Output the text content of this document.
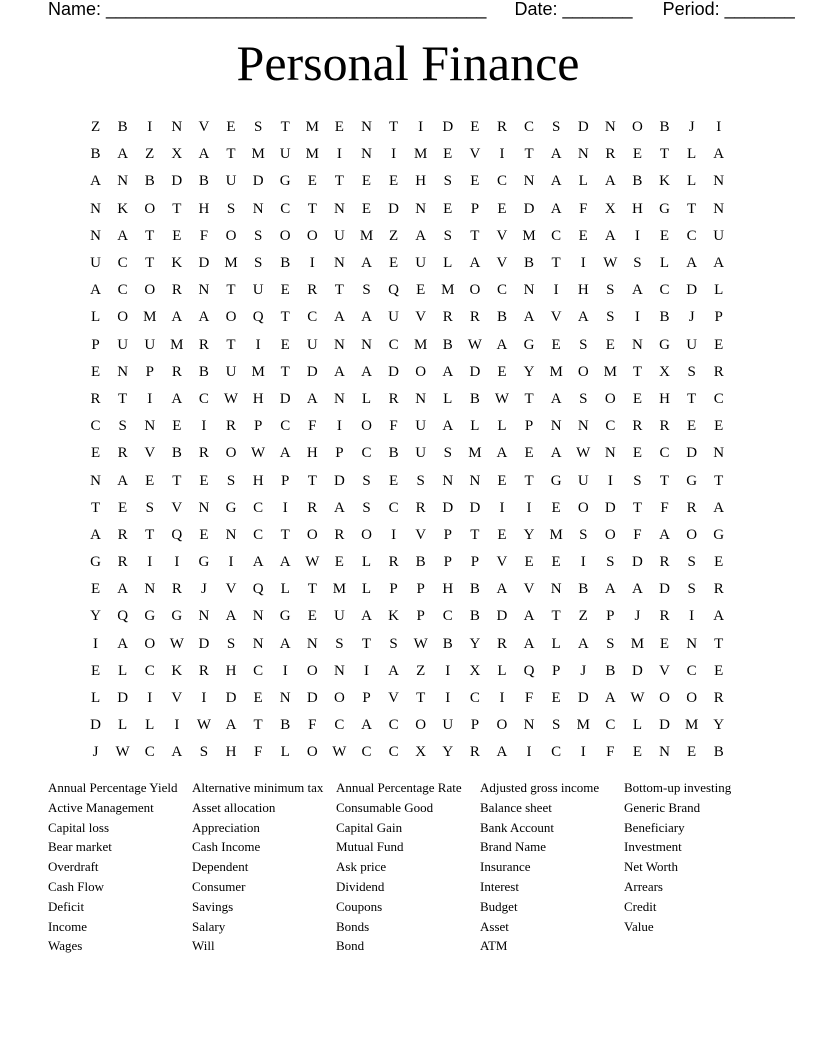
Name: ______________________________________ Date: _______ Period: _______
Personal Finance
Z	B	I	N	V	E	S	T	M	E	N	T	I	D	E	R	C	S	D	N	O	B	J	I
B	A	Z	X	A	T	M	U	M	I	N	I	M	E	V	I	T	A	N	R	E	T	L	A
A	N	B	D	B	U	D	G	E	T	E	E	H	S	E	C	N	A	L	A	B	K	L	N
N	K	O	T	H	S	N	C	T	N	E	D	N	E	P	E	D	A	F	X	H	G	T	N
N	A	T	E	F	O	S	O	O	U	M	Z	A	S	T	V	M	C	E	A	I	E	C	U
U	C	T	K	D	M	S	B	I	N	A	E	U	L	A	V	B	T	I	W	S	L	A	A
A	C	O	R	N	T	U	E	R	T	S	Q	E	M	O	C	N	I	H	S	A	C	D	L
L	O	M	A	A	O	Q	T	C	A	A	U	V	R	R	B	A	V	A	S	I	B	J	P
P	U	U	M	R	T	I	E	U	N	N	C	M	B	W A	G	E	S	E	N	G	U	E
E	N	P	R	B	U	M	T	D	A	A	D	O	A	D	E	Y	M	O	M	T	X	S	R
R	T	I	A	C	W H	D	A	N	L	R	N	L	B	W	T	A	S	O	E	H	T	C
C	S	N	E	I	R	P	C	F	I	O	F	U	A	L	L	P	N	N	C	R	R	E	E
E	R	V	B	R	O W A	H	P	C	B	U	S	M	A	E	A W N	E	C	D	N
N	A	E	T	E	S	H	P	T	D	S	E	S	N	N	E	T	G	U	I	S	T	G	T
T	E	S	V	N	G	C	I	R	A	S	C	R	D	D	I	I	E	O	D	T	F	R	A
A	R	T	Q	E	N	C	T	O	R	O	I	V	P	T	E	Y	M	S	O	F	A	O	G
G	R	I	I	G	I	A	A W	E	L	R	B	P	P	V	E	E	I	S	D	R	S	E
E	A	N	R	J	V	Q	L	T	M	L	P	P	H	B	A	V	N	B	A	A	D	S	R
Y	Q	G	G	N	A	N	G	E	U	A	K	P	C	B	D	A	T	Z	P	J	R	I	A
I	A	O W D	S	N	A	N	S	T	S	W	B	Y	R	A	L	A	S	M	E	N	T
E	L	C	K	R	H	C	I	O	N	I	A	Z	I	X	L	Q	P	J	B	D	V	C	E
L	D	I	V	I	D	E	N	D	O	P	V	T	I	C	I	F	E	D	A W O	O	R
D	L	L	I	W A	T	B	F	C	A	C	O	U	P	O	N	S	M	C	L	D	M	Y
J	W	C	A	S	H	F	L	O W	C	C	X	Y	R	A	I	C	I	F	E	N	E	B
Annual Percentage Yield
Active Management
Capital loss
Bear market
Overdraft
Cash Flow
Deficit
Income
Wages
Alternative minimum tax
Asset allocation
Appreciation
Cash Income
Dependent
Consumer
Savings
Salary
Will
Annual Percentage Rate
Consumable Good
Capital Gain
Mutual Fund
Ask price
Dividend
Coupons
Bonds
Bond
Adjusted gross income
Balance sheet
Bank Account
Brand Name
Insurance
Interest
Budget
Asset
ATM
Bottom-up investing
Generic Brand
Beneficiary
Investment
Net Worth
Arrears
Credit
Value
